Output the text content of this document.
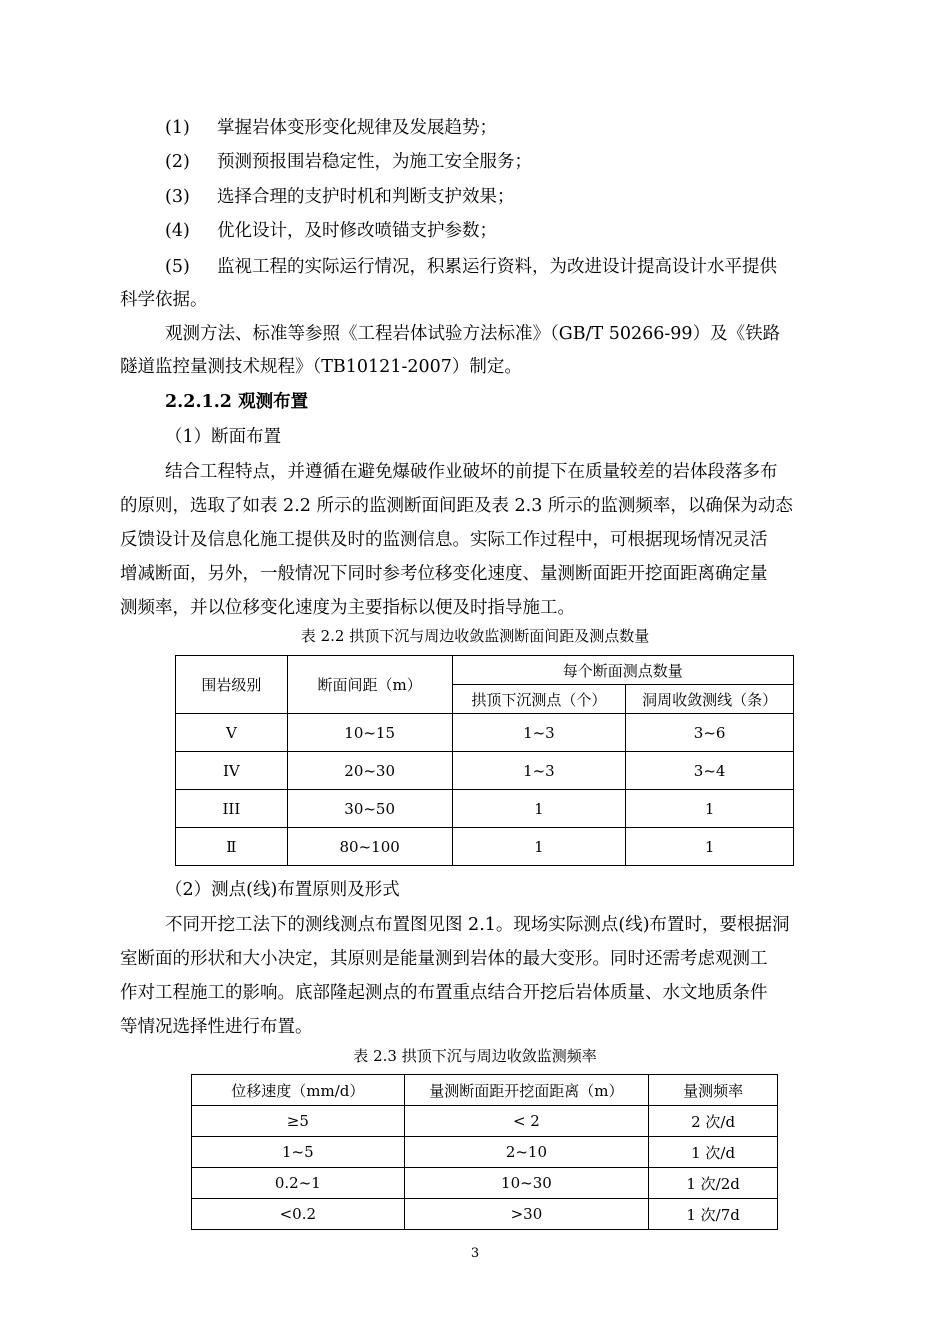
(1) 掌握岩体变形变化规律及发展趋势；
(2) 预测预报围岩稳定性，为施工安全服务；
(3) 选择合理的支护时机和判断支护效果；
(4) 优化设计，及时修改喷锚支护参数；
(5) 监视工程的实际运行情况，积累运行资料，为改进设计提高设计水平提供
科学依据。
观测方法、标准等参照《工程岩体试验方法标准》（GB/T 50266-99）及《铁路
隧道监控量测技术规程》（TB10121-2007）制定。
2.2.1.2 观测布置
（1）断面布置
结合工程特点，并遵循在避免爆破作业破坏的前提下在质量较差的岩体段落多布
的原则，选取了如表 2.2 所示的监测断面间距及表 2.3 所示的监测频率，以确保为动态
反馈设计及信息化施工提供及时的监测信息。实际工作过程中，可根据现场情况灵活
增减断面，另外，一般情况下同时参考位移变化速度、量测断面距开挖面距离确定量
测频率，并以位移变化速度为主要指标以便及时指导施工。
表 2.2 拱顶下沉与周边收敛监测断面间距及测点数量
围岩级别	断面间距（m）	每个断面测点数量	
		拱顶下沉测点（个）	洞周收敛测线（条）
V	10~15	1~3	3~6
IV	20~30	1~3	3~4
III	30~50	1	1
Ⅱ	80~100	1	1
（2）测点(线)布置原则及形式
不同开挖工法下的测线测点布置图见图 2.1。现场实际测点(线)布置时，要根据洞
室断面的形状和大小决定，其原则是能量测到岩体的最大变形。同时还需考虑观测工
作对工程施工的影响。底部隆起测点的布置重点结合开挖后岩体质量、水文地质条件
等情况选择性进行布置。
表 2.3 拱顶下沉与周边收敛监测频率
位移速度（mm/d）	量测断面距开挖面距离（m）	量测频率
≥5	< 2	2 次/d
1~5	2~10	1 次/d
0.2~1	10~30	1 次/2d
<0.2	>30	1 次/7d
3
